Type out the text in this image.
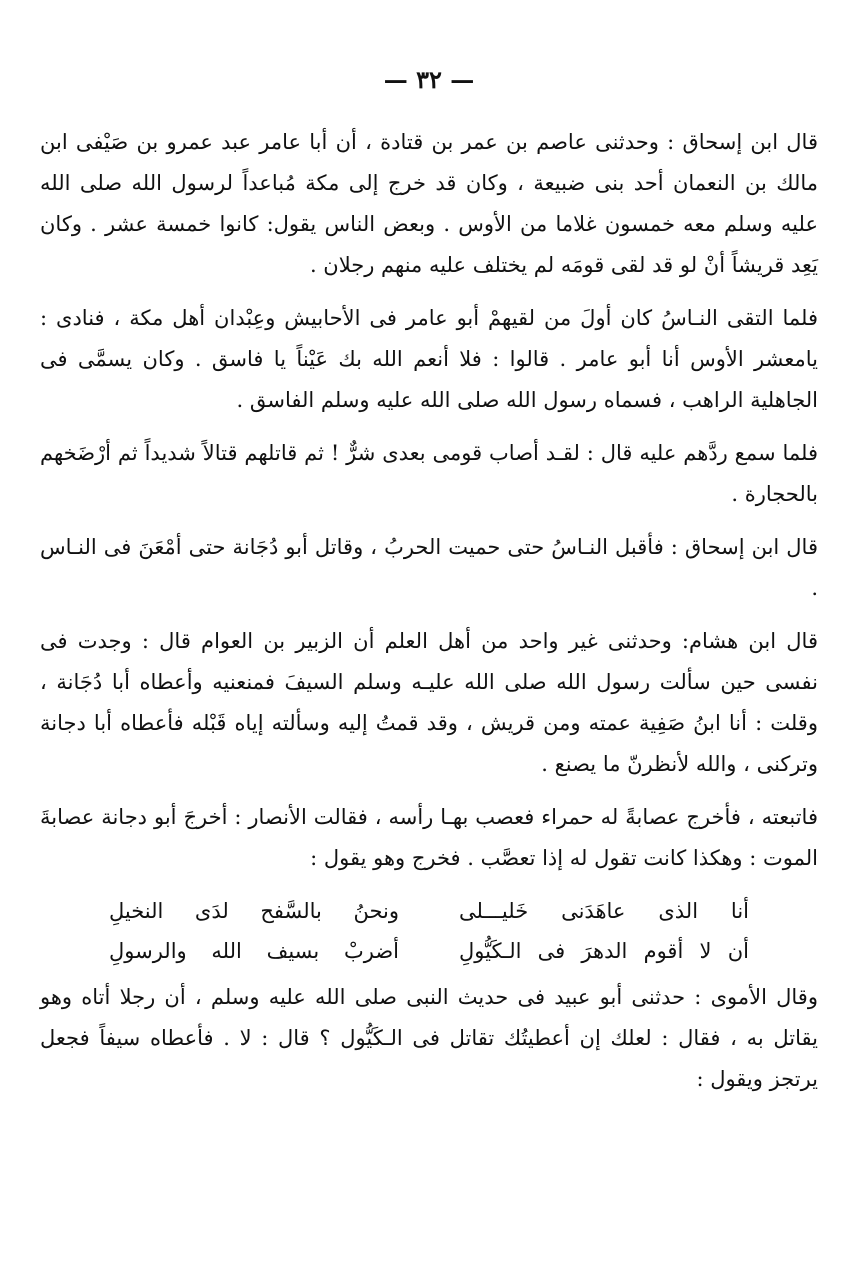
— ٣٢ —

قال ابن إسحاق : وحدثنى عاصم بن عمر بن قتادة ، أن أبا عامر عبد عمرو بن صَيْفى ابن مالك بن النعمان أحد بنى ضبيعة ، وكان قد خرج إلى مكة مُباعداً لرسول الله صلى الله عليه وسلم معه خمسون غلاما من الأوس . وبعض الناس يقول: كانوا خمسة عشر . وكان يَعِد قريشاً أنْ لو قد لقى قومَه لم يختلف عليه منهم رجلان .

فلما التقى النـاسُ كان أولَ من لقيهمْ أبو عامر فى الأحابيش وعِبْدان أهل مكة ، فنادى : يامعشر الأوس أنا أبو عامر . قالوا : فلا أنعم الله بك عَيْناً يا فاسق . وكان يسمَّى فى الجاهلية الراهب ، فسماه رسول الله صلى الله عليه وسلم الفاسق .

فلما سمع ردَّهم عليه قال : لقـد أصاب قومى بعدى شرٌّ ! ثم قاتلهم قتالاً شديداً ثم أرْضَخهم بالحجارة .

قال ابن إسحاق : فأقبل النـاسُ حتى حميت الحربُ ، وقاتل أبو دُجَانة حتى أمْعَنَ فى النـاس .

قال ابن هشام: وحدثنى غير واحد من أهل العلم أن الزبير بن العوام قال : وجدت فى نفسى حين سألت رسول الله صلى الله عليـه وسلم السيفَ فمنعنيه وأعطاه أبا دُجَانة ، وقلت : أنا ابنُ صَفِية عمته ومن قريش ، وقد قمتُ إليه وسألته إياه قَبْله فأعطاه أبا دجانة وتركنى ، والله لأنظرنّ ما يصنع .

فاتبعته ، فأخرج عصابةً له حمراء فعصب بهـا رأسه ، فقالت الأنصار : أخرجَ أبو دجانة عصابةَ الموت : وهكذا كانت تقول له إذا تعصَّب . فخرج وهو يقول :

أنا الذى عاهَدَنى خَليـــلى
ونحنُ بالسَّفح لدَى النخيلِ
أن لا أقوم الدهرَ فى الـكَيُّولِ
أضربْ بسيف الله والرسولِ

وقال الأموى : حدثنى أبو عبيد فى حديث النبى صلى الله عليه وسلم ، أن رجلا أتاه وهو يقاتل به ، فقال : لعلك إن أعطيتُك تقاتل فى الـكَيُّول ؟ قال : لا . فأعطاه سيفاً فجعل يرتجز ويقول :
